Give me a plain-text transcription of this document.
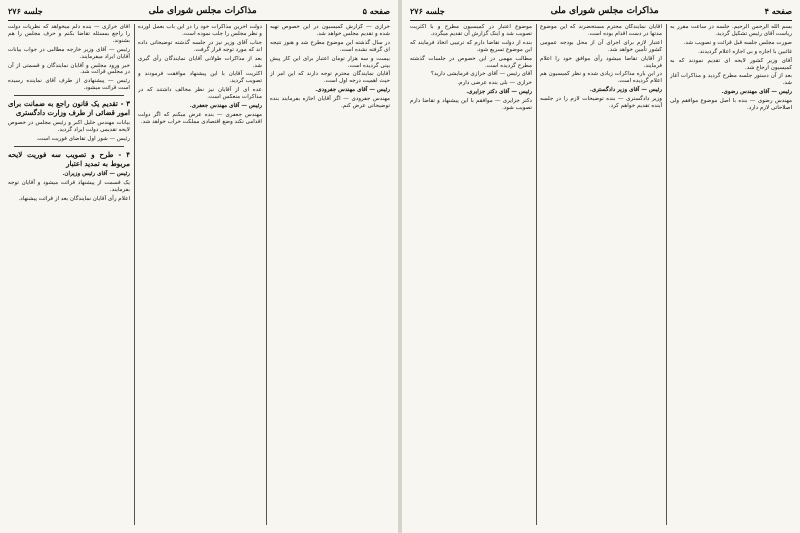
صفحه ۵
مذاکرات مجلس شورای ملی
جلسه ۲۷۶

خرازی — گزارش کمیسیون در این خصوص تهیه شده و تقدیم مجلس خواهد شد.

در سال گذشته این موضوع مطرح شد و هنوز نتیجه ای گرفته نشده است.

بیست و سه هزار تومان اعتبار برای این کار پیش بینی گردیده است.

آقایان نمایندگان محترم توجه دارند که این امر از حیث اهمیت درجه اول است.

رئیس — آقای مهندس جفرودی.

مهندس جفرودی — اگر آقایان اجازه بفرمایند بنده توضیحاتی عرض کنم.

دولت آخرین مذاکرات خود را در این باب بعمل آورده و نظر مجلس را جلب نموده است.

جناب آقای وزیر نیز در جلسه گذشته توضیحاتی داده اند که مورد توجه قرار گرفت.

بعد از مذاکرات طولانی آقایان نمایندگان رأی گیری شد.

اکثریت آقایان با این پیشنهاد موافقت فرمودند و تصویب گردید.

عده ای از آقایان نیز نظر مخالف داشتند که در مذاکرات منعکس است.

رئیس — آقای مهندس جعفری.

مهندس جعفری — بنده عرض میکنم که اگر دولت اقدامی نکند وضع اقتصادی مملکت خراب خواهد شد.

آقای خرازی — بنده دلم میخواهد که نظریات دولت را راجع بمسئله تقاضا بکنم و حرف مجلس را هم بشنوند.

رئیس — آقای وزیر خارجه مطالبی در جواب بیانات آقایان ایراد میفرمایند.

خبر ورود مجلس و آقایان نمایندگان و قسمتی از آن در مجلس قرائت شد.

رئیس — پیشنهادی از طرف آقای نماینده رسیده است قرائت میشود.

۳ - تقدیم یک قانون راجع به ضمانت برای امور قضائی از طرف وزارت دادگستری

بیانات مهندس خلیل اکبر و رئیس مجلس در خصوص لایحه تقدیمی دولت ایراد گردید.

رئیس — شور اول تقاضای فوریت است.

۴ - طرح و تصویب سه فوریت لایحه مربوط به تمدید اعتبار

رئیس — آقای رئیس وزیران.

یک قسمت از پیشنهاد قرائت میشود و آقایان توجه بفرمایند.

اعلام رأی آقایان نمایندگان بعد از قرائت پیشنهاد.

صفحه ۴
مذاکرات مجلس شورای ملی
جلسه ۲۷۶

بسم الله الرحمن الرحیم. جلسه در ساعت مقرر به ریاست آقای رئیس تشکیل گردید.

صورت مجلس جلسه قبل قرائت و تصویب شد.

غائبین با اجازه و بی اجازه اعلام گردیدند.

آقای وزیر کشور لایحه ای تقدیم نمودند که به کمیسیون ارجاع شد.

بعد از آن دستور جلسه مطرح گردید و مذاکرات آغاز شد.

رئیس — آقای مهندس رضوی.

مهندس رضوی — بنده با اصل موضوع موافقم ولی اصلاحاتی لازم دارد.

آقایان نمایندگان محترم مستحضرند که این موضوع مدتها در دست اقدام بوده است.

اعتبار لازم برای اجرای آن از محل بودجه عمومی کشور تأمین خواهد شد.

از آقایان تقاضا میشود رأی موافق خود را اعلام فرمایند.

در این باره مذاکرات زیادی شده و نظر کمیسیون هم اعلام گردیده است.

رئیس — آقای وزیر دادگستری.

وزیر دادگستری — بنده توضیحات لازم را در جلسه آینده تقدیم خواهم کرد.

موضوع اعتبار در کمیسیون مطرح و با اکثریت تصویب شد و اینک گزارش آن تقدیم میگردد.

بنده از دولت تقاضا دارم که ترتیبی اتخاذ فرمایند که این موضوع تسریع شود.

مطالب مهمی در این خصوص در جلسات گذشته مطرح گردیده است.

آقای رئیس — آقای خرازی فرمایشی دارید؟

خرازی — بلی بنده عرضی دارم.

رئیس — آقای دکتر جزایری.

دکتر جزایری — موافقم با این پیشنهاد و تقاضا دارم تصویب شود.
